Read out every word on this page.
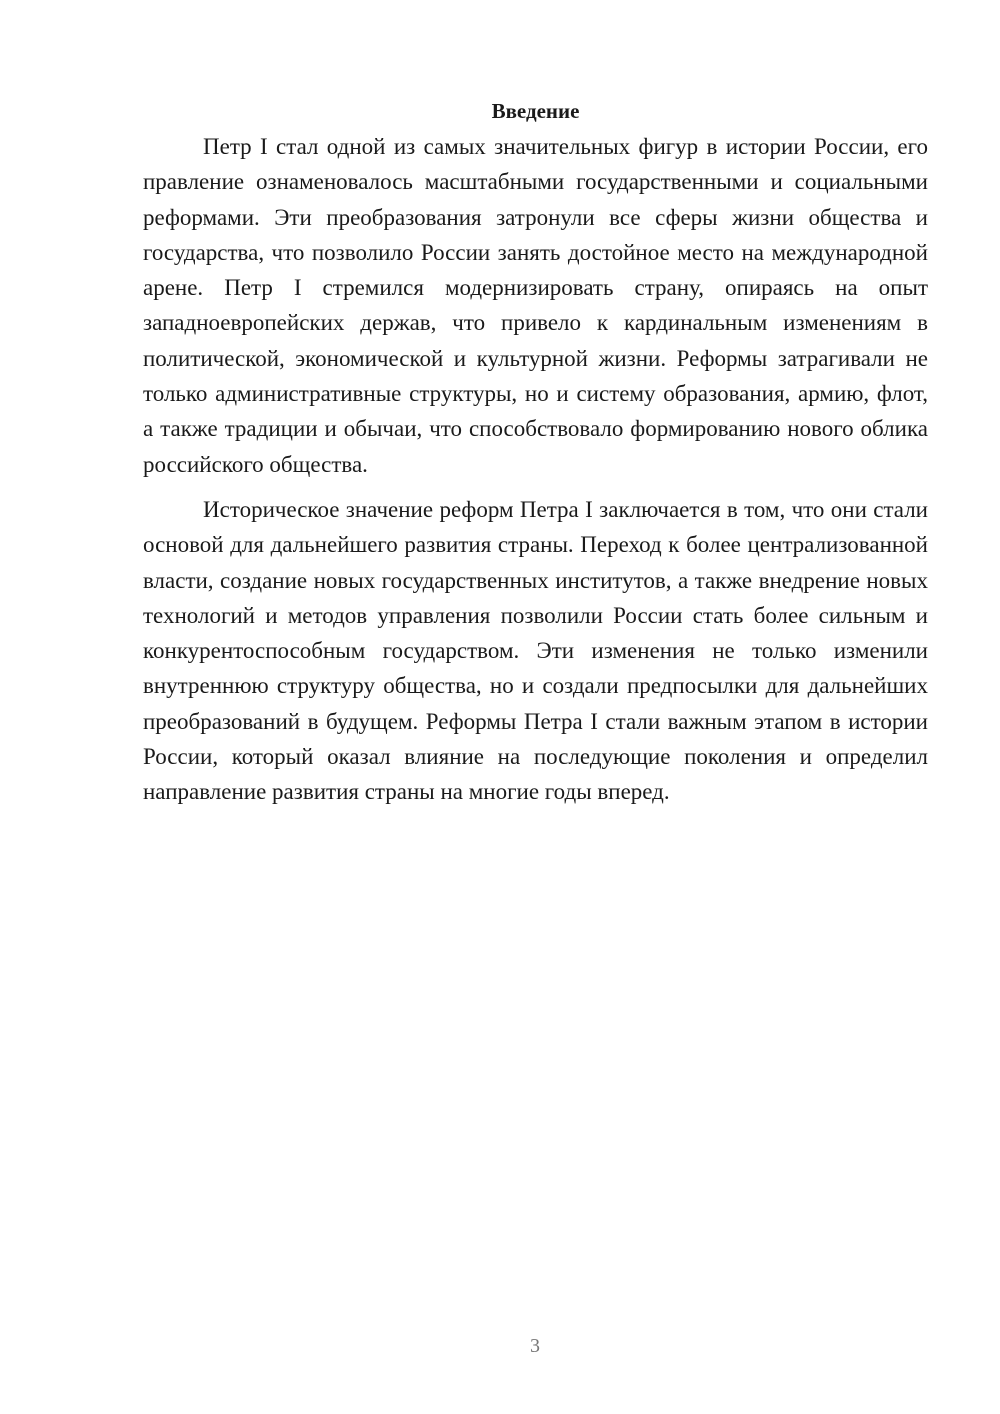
Введение

Петр I стал одной из самых значительных фигур в истории России, его правление ознаменовалось масштабными государственными и социальными реформами. Эти преобразования затронули все сферы жизни общества и государства, что позволило России занять достойное место на международной арене. Петр I стремился модернизировать страну, опираясь на опыт западноевропейских держав, что привело к кардинальным изменениям в политической, экономической и культурной жизни. Реформы затрагивали не только административные структуры, но и систему образования, армию, флот, а также традиции и обычаи, что способствовало формированию нового облика российского общества.

Историческое значение реформ Петра I заключается в том, что они стали основой для дальнейшего развития страны. Переход к более централизованной власти, создание новых государственных институтов, а также внедрение новых технологий и методов управления позволили России стать более сильным и конкурентоспособным государством. Эти изменения не только изменили внутреннюю структуру общества, но и создали предпосылки для дальнейших преобразований в будущем. Реформы Петра I стали важным этапом в истории России, который оказал влияние на последующие поколения и определил направление развития страны на многие годы вперед.

3
